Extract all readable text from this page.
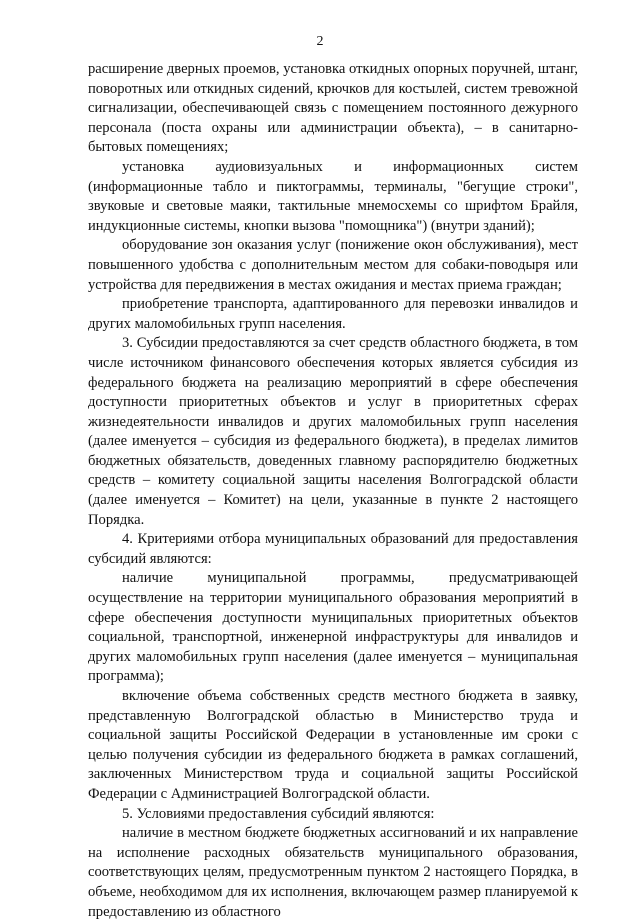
2

расширение дверных проемов, установка откидных опорных поручней, штанг, поворотных или откидных сидений, крючков для костылей, систем тревожной сигнализации, обеспечивающей связь с помещением постоянного дежурного персонала (поста охраны или администрации объекта), – в санитарно-бытовых помещениях;

установка аудиовизуальных и информационных систем (информационные табло и пиктограммы, терминалы, "бегущие строки", звуковые и световые маяки, тактильные мнемосхемы со шрифтом Брайля, индукционные системы, кнопки вызова "помощника") (внутри зданий);

оборудование зон оказания услуг (понижение окон обслуживания), мест повышенного удобства с дополнительным местом для собаки-поводыря или устройства для передвижения в местах ожидания и местах приема граждан;

приобретение транспорта, адаптированного для перевозки инвалидов и других маломобильных групп населения.

3. Субсидии предоставляются за счет средств областного бюджета, в том числе источником финансового обеспечения которых является субсидия из федерального бюджета на реализацию мероприятий в сфере обеспечения доступности приоритетных объектов и услуг в приоритетных сферах жизнедеятельности инвалидов и других маломобильных групп населения (далее именуется – субсидия из федерального бюджета), в пределах лимитов бюджетных обязательств, доведенных главному распорядителю бюджетных средств – комитету социальной защиты населения Волгоградской области (далее именуется – Комитет) на цели, указанные в пункте 2 настоящего Порядка.

4. Критериями отбора муниципальных образований для предоставления субсидий являются:

наличие муниципальной программы, предусматривающей осуществление на территории муниципального образования мероприятий в сфере обеспечения доступности муниципальных приоритетных объектов социальной, транспортной, инженерной инфраструктуры для инвалидов и других маломобильных групп населения (далее именуется – муниципальная программа);

включение объема собственных средств местного бюджета в заявку, представленную Волгоградской областью в Министерство труда и социальной защиты Российской Федерации в установленные им сроки с целью получения субсидии из федерального бюджета в рамках соглашений, заключенных Министерством труда и социальной защиты Российской Федерации с Администрацией Волгоградской области.

5. Условиями предоставления субсидий являются:

наличие в местном бюджете бюджетных ассигнований и их направление на исполнение расходных обязательств муниципального образования, соответствующих целям, предусмотренным пунктом 2 настоящего Порядка, в объеме, необходимом для их исполнения, включающем размер планируемой к предоставлению из областного
